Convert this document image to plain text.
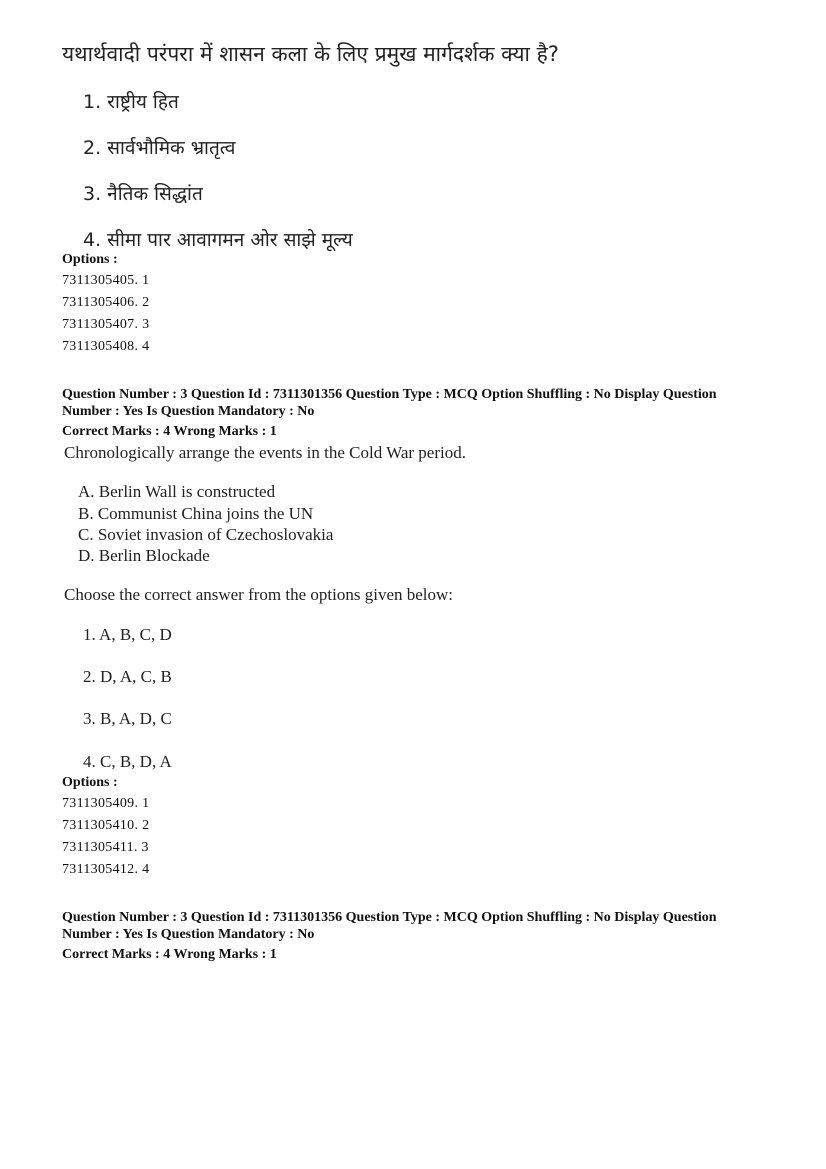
यथार्थवादी परंपरा में शासन कला के लिए प्रमुख मार्गदर्शक क्या है?
1. राष्ट्रीय हित
2. सार्वभौमिक भ्रातृत्व
3. नैतिक सिद्धांत
4. सीमा पार आवागमन ओर साझे मूल्य
Options :
7311305405. 1
7311305406. 2
7311305407. 3
7311305408. 4
Question Number : 3 Question Id : 7311301356 Question Type : MCQ Option Shuffling : No Display Question
Number : Yes Is Question Mandatory : No
Correct Marks : 4 Wrong Marks : 1
Chronologically arrange the events in the Cold War period.
A. Berlin Wall is constructed
B. Communist China joins the UN
C. Soviet invasion of Czechoslovakia
D. Berlin Blockade
Choose the correct answer from the options given below:
1. A, B, C, D
2. D, A, C, B
3. B, A, D, C
4. C, B, D, A
Options :
7311305409. 1
7311305410. 2
7311305411. 3
7311305412. 4
Question Number : 3 Question Id : 7311301356 Question Type : MCQ Option Shuffling : No Display Question
Number : Yes Is Question Mandatory : No
Correct Marks : 4 Wrong Marks : 1
